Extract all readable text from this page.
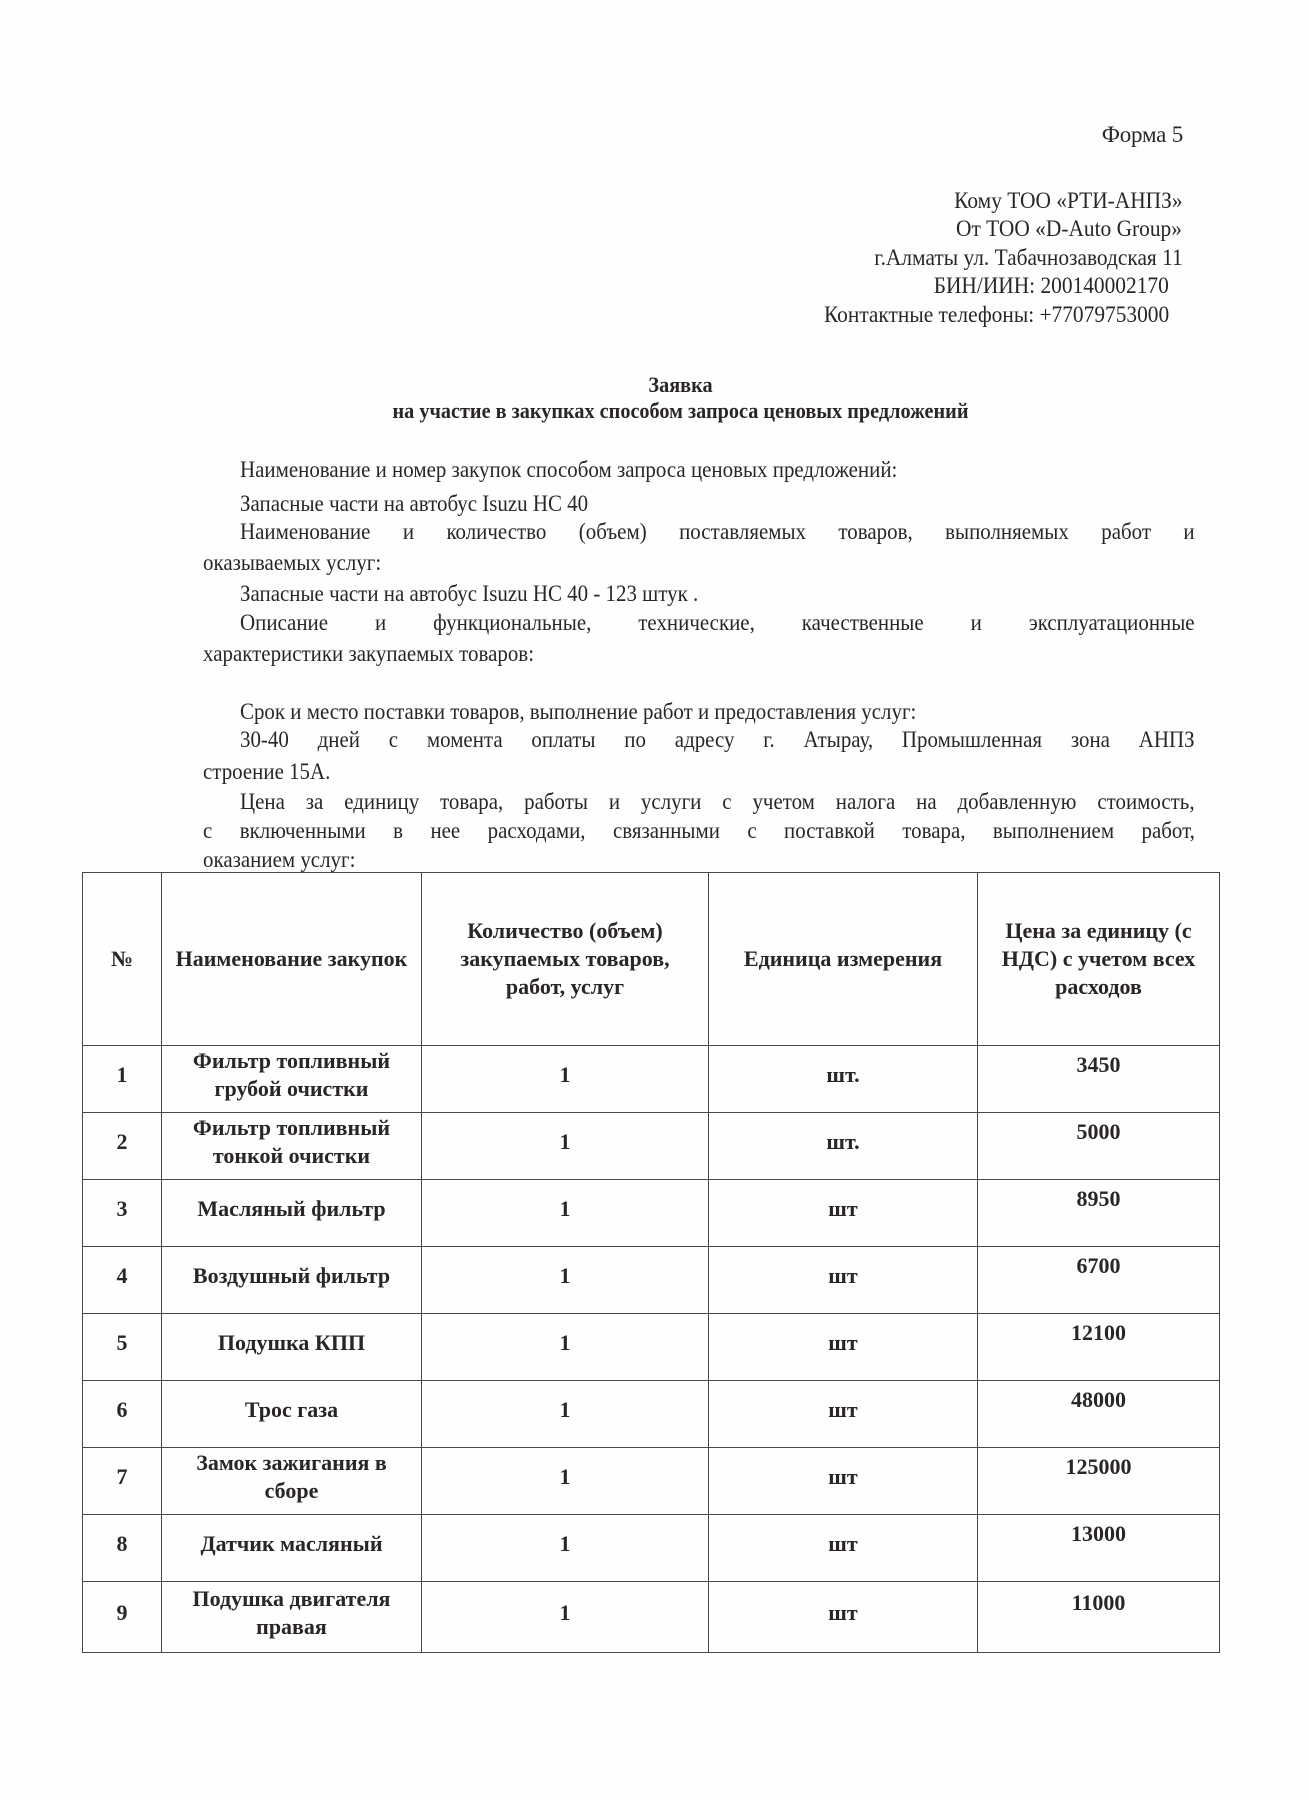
Форма 5
Кому ТОО «РТИ-АНПЗ»
От ТОО «D-Auto Group»
г.Алматы ул. Табачнозаводская 11
БИН/ИИН: 200140002170
Контактные телефоны: +77079753000
Заявка
на участие в закупках способом запроса ценовых предложений
Наименование и номер закупок способом запроса ценовых предложений:
Запасные части на автобус Isuzu HC 40
Наименование и количество (объем) поставляемых товаров, выполняемых работ и
оказываемых услуг:
Запасные части на автобус Isuzu HC 40 - 123 штук .
Описание и функциональные, технические, качественные и эксплуатационные
характеристики закупаемых товаров:
Срок и место поставки товаров, выполнение работ и предоставления услуг:
30-40 дней с момента оплаты по адресу г. Атырау, Промышленная зона АНПЗ
строение 15А.
Цена за единицу товара, работы и услуги с учетом налога на добавленную стоимость,
с включенными в нее расходами, связанными с поставкой товара, выполнением работ,
оказанием услуг:
№	Наименование закупок	Количество (объем) закупаемых товаров, работ, услуг	Единица измерения	Цена за единицу (с НДС) с учетом всех расходов
1	Фильтр топливный грубой очистки	1	шт.	3450
2	Фильтр топливный тонкой очистки	1	шт.	5000
3	Масляный фильтр	1	шт	8950
4	Воздушный фильтр	1	шт	6700
5	Подушка КПП	1	шт	12100
6	Трос газа	1	шт	48000
7	Замок зажигания в сборе	1	шт	125000
8	Датчик масляный	1	шт	13000
9	Подушка двигателя правая	1	шт	11000
